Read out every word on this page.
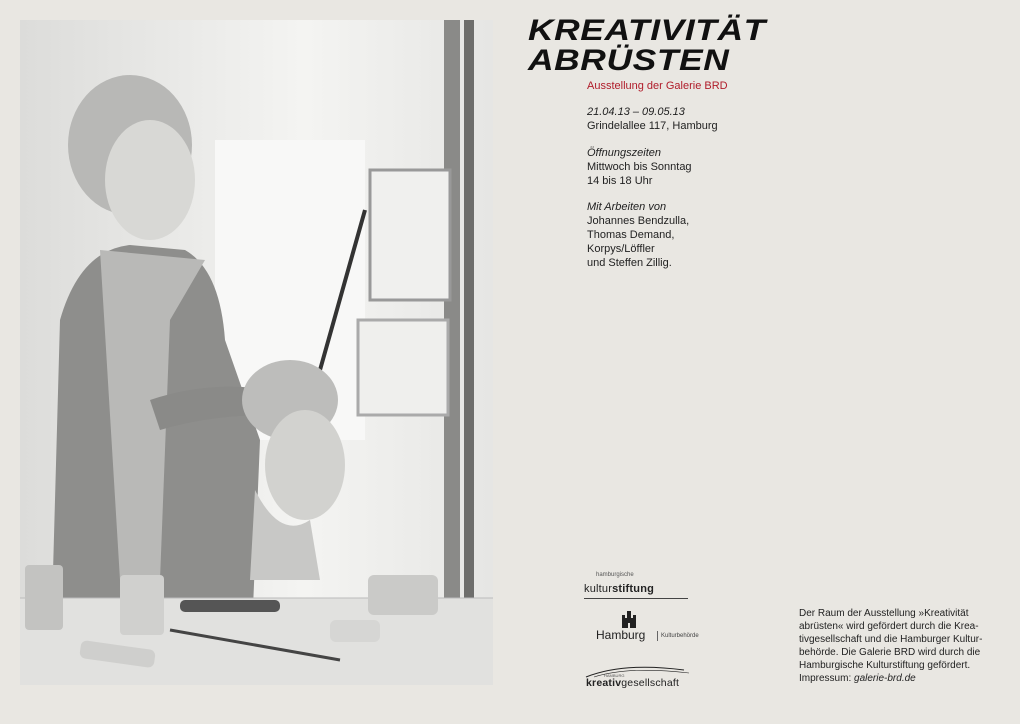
KREATIVITÄT
ABRÜSTEN

Ausstellung der Galerie BRD

21.04.13 – 09.05.13

Grindelallee 117, Hamburg

Öffnungszeiten

Mittwoch bis Sonntag

14 bis 18 Uhr

Mit Arbeiten von

Johannes Bendzulla,

Thomas Demand,

Korpys/Löffler

und Steffen Zillig.

hamburgische
kulturstiftung
Hamburg	Kulturbehörde
HAMBURG
kreativgesellschaft

Der Raum der Ausstellung »Kreativität

abrüsten« wird gefördert durch die Krea-

tivgesellschaft und die Hamburger Kultur-

behörde. Die Galerie BRD wird durch die

Hamburgische Kulturstiftung gefördert.

Impressum: galerie-brd.de
